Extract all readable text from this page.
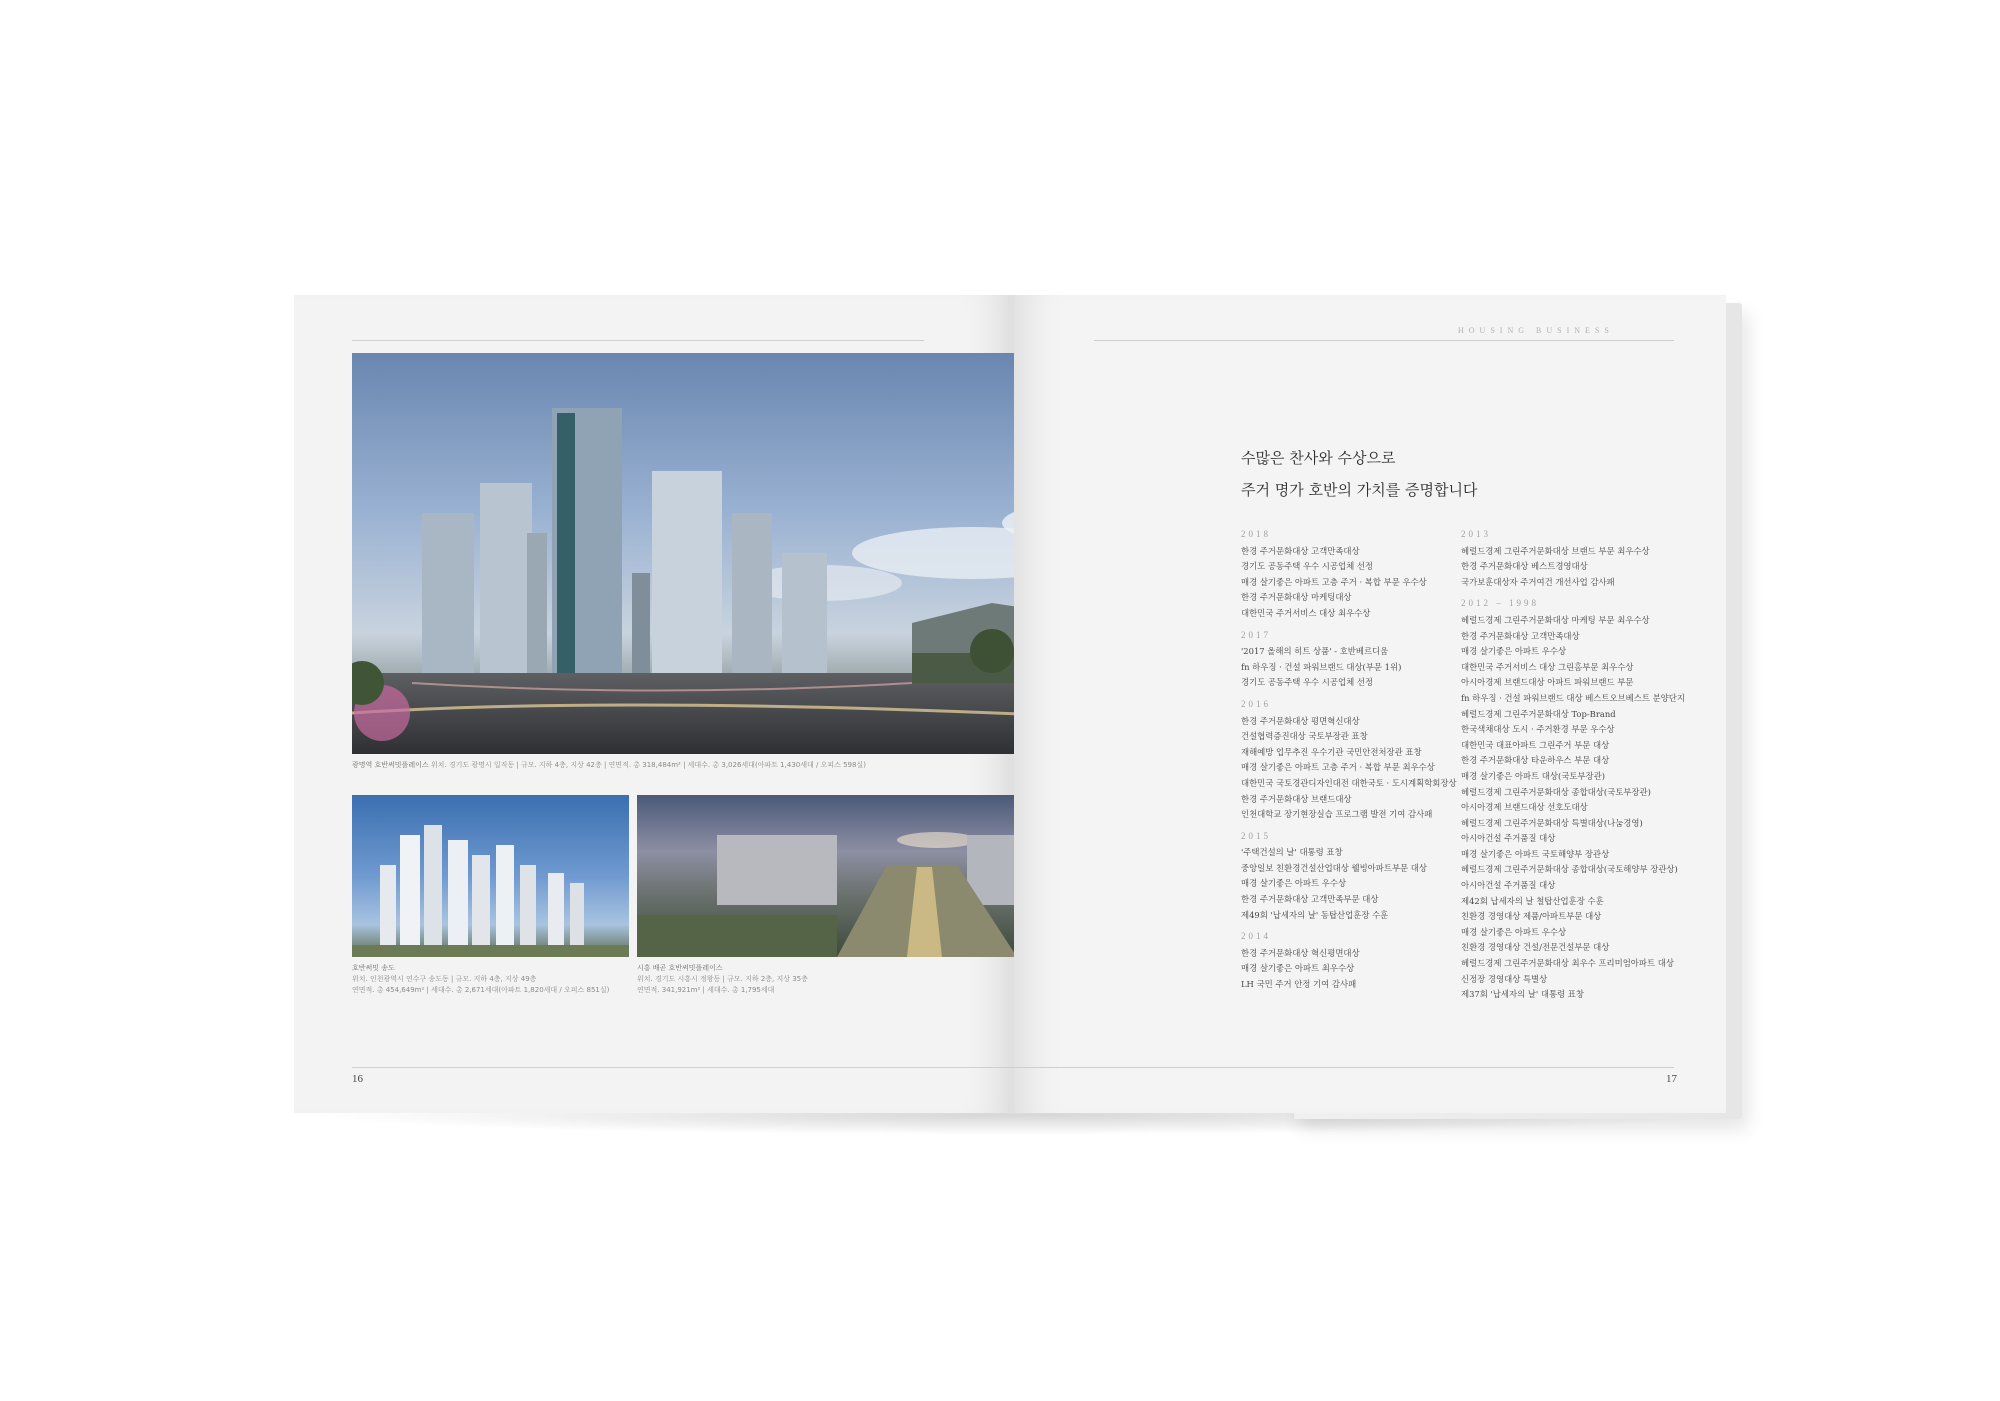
광명역 호반써밋플레이스 위치. 경기도 광명시 일직동 | 규모. 지하 4층, 지상 42층 | 연면적. 총 318,484m² | 세대수. 총 3,026세대(아파트 1,430세대 / 오피스 598실)
호반써밋 송도
위치. 인천광역시 연수구 송도동 | 규모. 지하 4층, 지상 49층
연면적. 총 454,649m² | 세대수. 총 2,671세대(아파트 1,820세대 / 오피스 851실)
시흥 배곧 호반써밋플레이스
위치. 경기도 시흥시 정왕동 | 규모. 지하 2층, 지상 35층
연면적. 341,921m² | 세대수. 총 1,795세대
16
HOUSING BUSINESS
수많은 찬사와 수상으로
주거 명가 호반의 가치를 증명합니다
2018
한경 주거문화대상 고객만족대상
경기도 공동주택 우수 시공업체 선정
매경 살기좋은 아파트 고층 주거 · 복합 부문 우수상
한경 주거문화대상 마케팅대상
대한민국 주거서비스 대상 최우수상
2017
'2017 올해의 히트 상품' - 호반베르디움
fn 하우징 · 건설 파워브랜드 대상(부문 1위)
경기도 공동주택 우수 시공업체 선정
2016
한경 주거문화대상 평면혁신대상
건설협력증진대상 국토부장관 표창
재해예방 업무추진 우수기관 국민안전처장관 표창
매경 살기좋은 아파트 고층 주거 · 복합 부문 최우수상
대한민국 국토경관디자인대전 대한국토 · 도시계획학회장상
한경 주거문화대상 브랜드대상
인천대학교 장기현장실습 프로그램 발전 기여 감사패
2015
'주택건설의 날' 대통령 표창
중앙일보 친환경건설산업대상 웰빙아파트부문 대상
매경 살기좋은 아파트 우수상
한경 주거문화대상 고객만족부문 대상
제49회 '납세자의 날' 동탑산업훈장 수훈
2014
한경 주거문화대상 혁신평면대상
매경 살기좋은 아파트 최우수상
LH 국민 주거 안정 기여 감사패
2013
헤럴드경제 그린주거문화대상 브랜드 부문 최우수상
한경 주거문화대상 베스트경영대상
국가보훈대상자 주거여건 개선사업 감사패
2012 – 1998
헤럴드경제 그린주거문화대상 마케팅 부문 최우수상
한경 주거문화대상 고객만족대상
매경 살기좋은 아파트 우수상
대한민국 주거서비스 대상 그린홈부문 최우수상
아시아경제 브랜드대상 아파트 파워브랜드 부문
fn 하우징 · 건설 파워브랜드 대상 베스트오브베스트 분양단지
헤럴드경제 그린주거문화대상 Top-Brand
한국색채대상 도시 · 주거환경 부문 우수상
대한민국 대표아파트 그린주거 부문 대상
한경 주거문화대상 타운하우스 부문 대상
매경 살기좋은 아파트 대상(국토부장관)
헤럴드경제 그린주거문화대상 종합대상(국토부장관)
아시아경제 브랜드대상 선호도대상
헤럴드경제 그린주거문화대상 특별대상(나눔경영)
아시아건설 주거품질 대상
매경 살기좋은 아파트 국토해양부 장관상
헤럴드경제 그린주거문화대상 종합대상(국토해양부 장관상)
아시아건설 주거품질 대상
제42회 납세자의 날 철탑산업훈장 수훈
친환경 경영대상 제품/아파트부문 대상
매경 살기좋은 아파트 우수상
친환경 경영대상 건설/전문건설부문 대상
헤럴드경제 그린주거문화대상 최우수 프리미엄아파트 대상
신정장 경영대상 특별상
제37회 '납세자의 날' 대통령 표창
17
